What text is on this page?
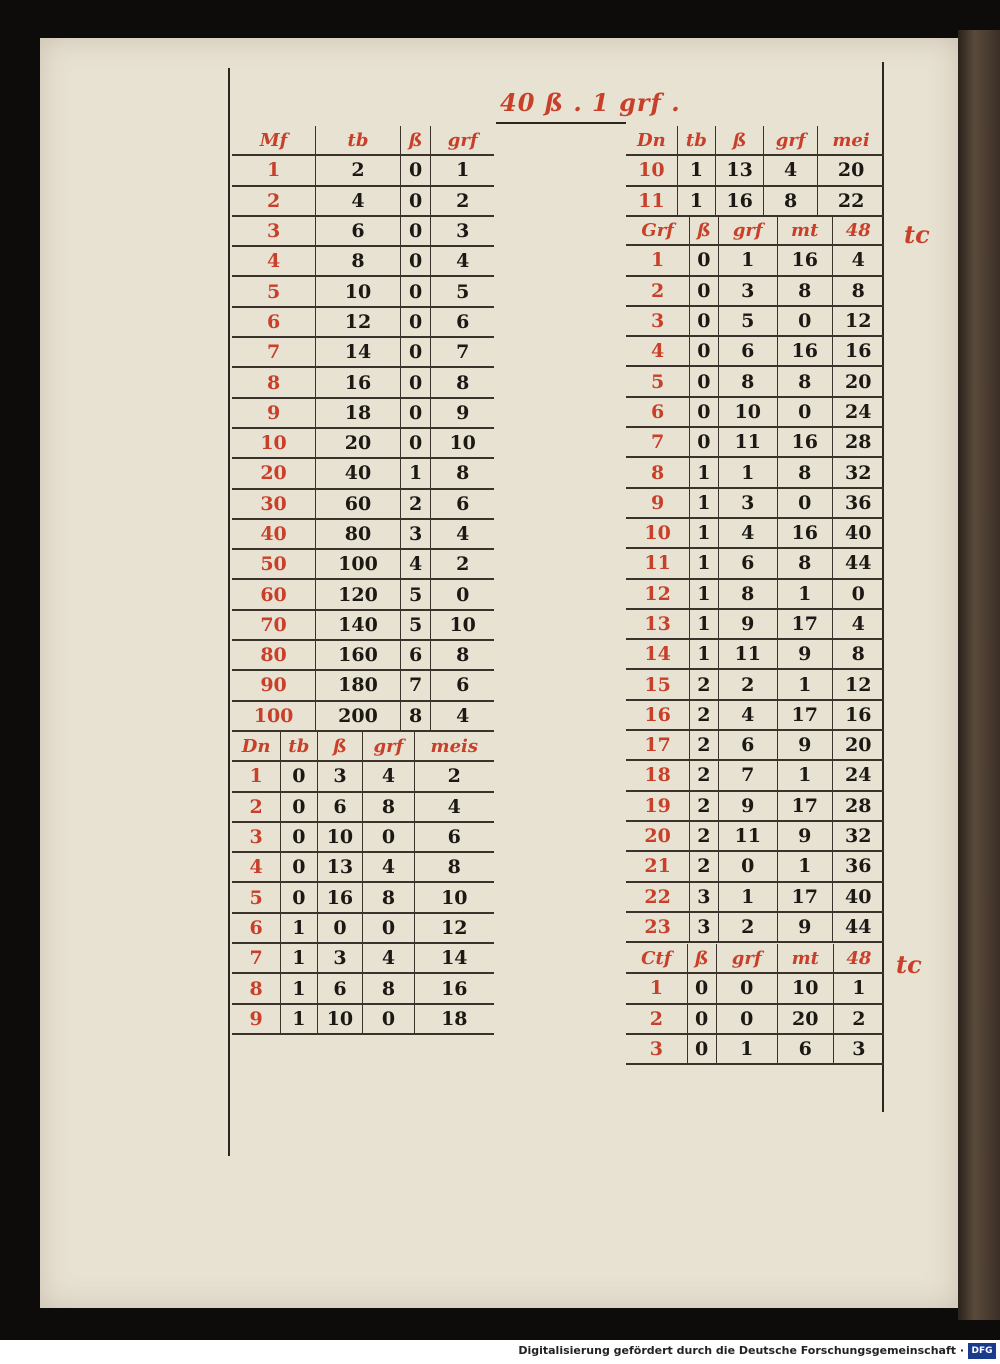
40 ß . 1 grf .
Mf	tb	ß	grf
1	2	0	1
2	4	0	2
3	6	0	3
4	8	0	4
5	10	0	5
6	12	0	6
7	14	0	7
8	16	0	8
9	18	0	9
10	20	0	10
20	40	1	8
30	60	2	6
40	80	3	4
50	100	4	2
60	120	5	0
70	140	5	10
80	160	6	8
90	180	7	6
100	200	8	4
Dn	tb	ß	grf	meis
1	0	3	4	2
2	0	6	8	4
3	0	10	0	6
4	0	13	4	8
5	0	16	8	10
6	1	0	0	12
7	1	3	4	14
8	1	6	8	16
9	1	10	0	18
Dn	tb	ß	grf	mei
10	1	13	4	20
11	1	16	8	22
Grf	ß	grf	mt	48
1	0	1	16	4
2	0	3	8	8
3	0	5	0	12
4	0	6	16	16
5	0	8	8	20
6	0	10	0	24
7	0	11	16	28
8	1	1	8	32
9	1	3	0	36
10	1	4	16	40
11	1	6	8	44
12	1	8	1	0
13	1	9	17	4
14	1	11	9	8
15	2	2	1	12
16	2	4	17	16
17	2	6	9	20
18	2	7	1	24
19	2	9	17	28
20	2	11	9	32
21	2	0	1	36
22	3	1	17	40
23	3	2	9	44
Ctf	ß	grf	mt	48
1	0	0	10	1
2	0	0	20	2
3	0	1	6	3
tc
tc
Digitalisierung gefördert durch die Deutsche Forschungsgemeinschaft · DFG
